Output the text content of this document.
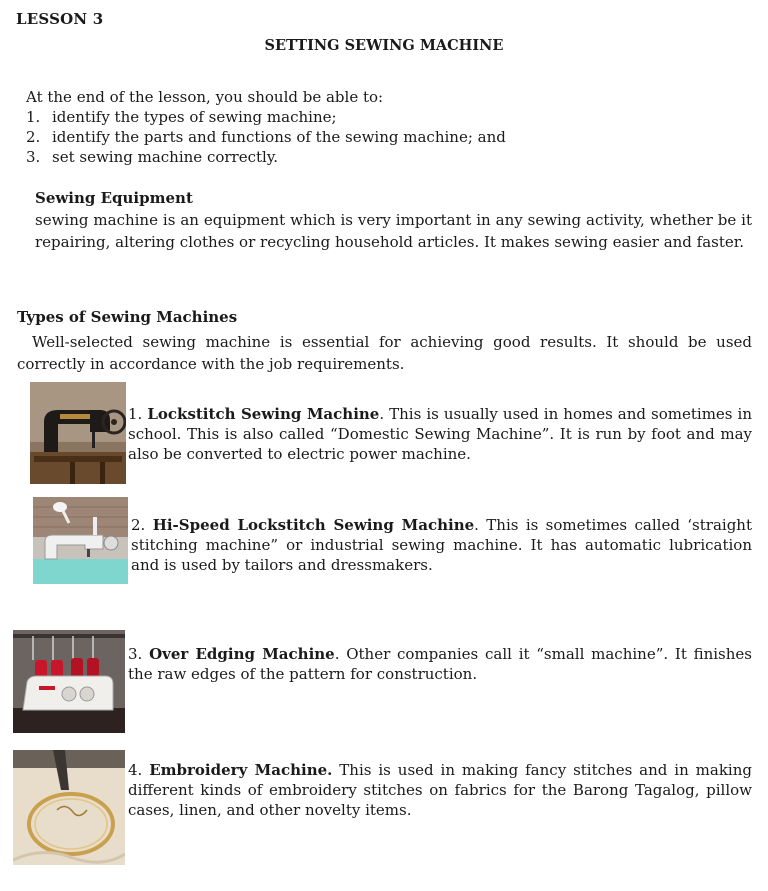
LESSON 3
SETTING SEWING MACHINE
At the end of the lesson, you should be able to:
1. identify the types of sewing machine;
2. identify the parts and functions of the sewing machine; and
3. set sewing machine correctly.
Sewing Equipment
sewing machine is an equipment which is very important in any sewing activity, whether be it repairing, altering clothes or recycling household articles. It makes sewing easier and faster.
Types of Sewing Machines
Well-selected sewing machine is essential for achieving good results. It should be used correctly in accordance with the job requirements.
1. Lockstitch Sewing Machine. This is usually used in homes and sometimes in school. This is also called “Domestic Sewing Machine”. It is run by foot and may also be converted to electric power machine.
2. Hi-Speed Lockstitch Sewing Machine. This is sometimes called ‘straight stitching machine” or industrial sewing machine. It has automatic lubrication and is used by tailors and dressmakers.
3. Over Edging Machine. Other companies call it “small machine”. It finishes the raw edges of the pattern for construction.
4. Embroidery Machine. This is used in making fancy stitches and in making different kinds of embroidery stitches on fabrics for the Barong Tagalog, pillow cases, linen, and other novelty items.
